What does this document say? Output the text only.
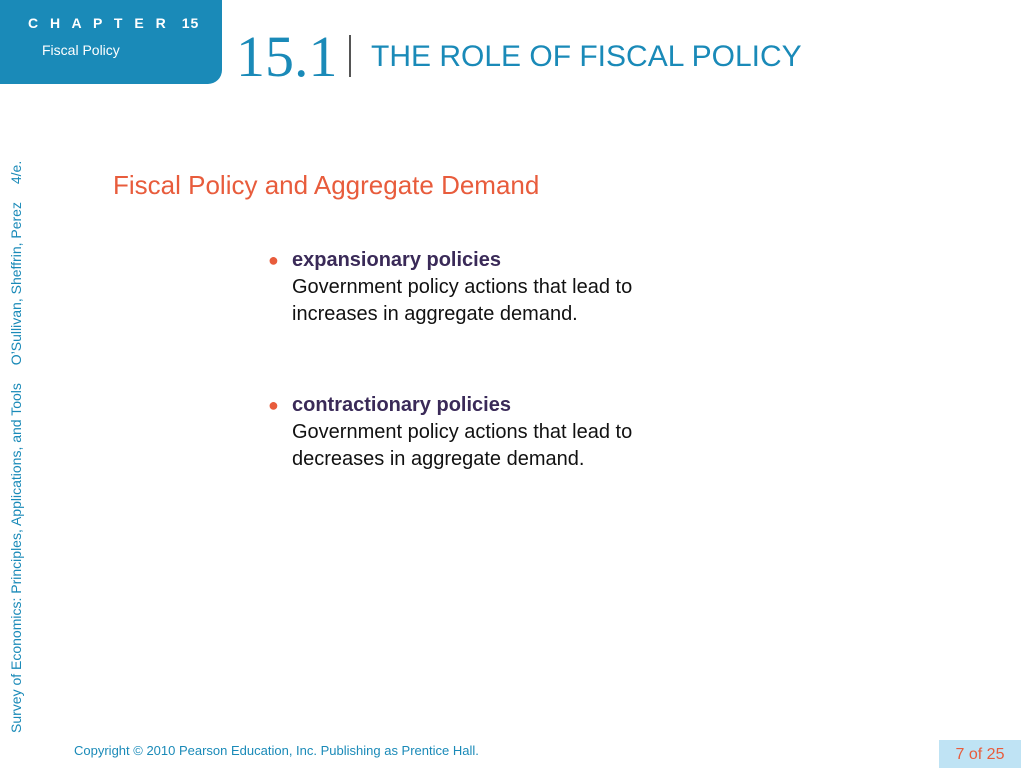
C H A P T E R 15
Fiscal Policy 15.1 THE ROLE OF FISCAL POLICY
Survey of Economics: Principles, Applications, and Tools O’Sullivan, Sheffrin, Perez 4/e.	Fiscal Policy and Aggregate Demand
● expansionary policies
Government policy actions that lead to increases in aggregate demand.
● contractionary policies
Government policy actions that lead to decreases in aggregate demand.
Copyright © 2010 Pearson Education, Inc. Publishing as Prentice Hall.	7 of 25
